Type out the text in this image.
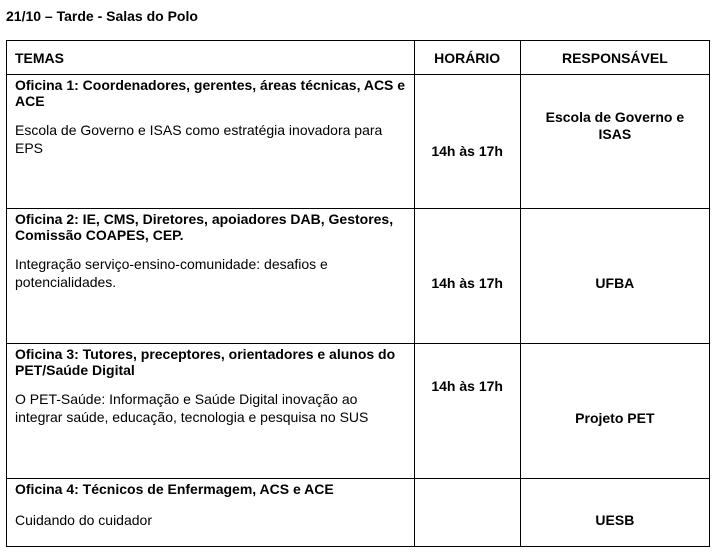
21/10 – Tarde - Salas do Polo
TEMAS	HORÁRIO	RESPONSÁVEL

Oficina 1: Coordenadores, gerentes, áreas técnicas, ACS e ACE
Escola de Governo e ISAS como estratégia inovadora para EPS	14h às 17h	Escola de Governo e ISAS

Oficina 2: IE, CMS, Diretores, apoiadores DAB, Gestores, Comissão COAPES, CEP.
Integração serviço-ensino-comunidade: desafios e potencialidades.	14h às 17h	UFBA

Oficina 3: Tutores, preceptores, orientadores e alunos do PET/Saúde Digital
O PET-Saúde: Informação e Saúde Digital inovação ao integrar saúde, educação, tecnologia e pesquisa no SUS	14h às 17h	Projeto PET

Oficina 4: Técnicos de Enfermagem, ACS e ACE
Cuidando do cuidador		UESB
